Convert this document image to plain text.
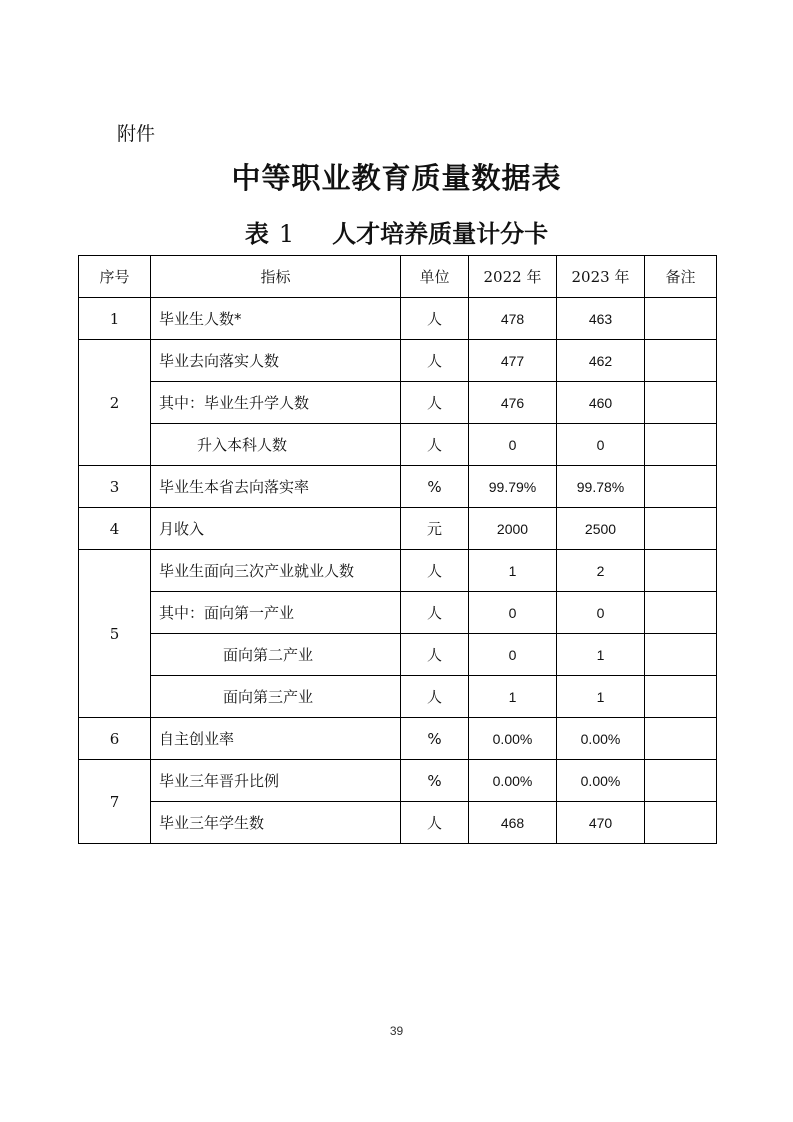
附件
中等职业教育质量数据表
表 1 人才培养质量计分卡
序号	指标	单位	2022 年	2023 年	备注
1	毕业生人数*	人	478	463	
2	毕业去向落实人数	人	477	462	
	其中：毕业生升学人数	人	476	460	
	升入本科人数	人	0	0	
3	毕业生本省去向落实率	%	99.79%	99.78%	
4	月收入	元	2000	2500	
5	毕业生面向三次产业就业人数	人	1	2	
	其中：面向第一产业	人	0	0	
	面向第二产业	人	0	1	
	面向第三产业	人	1	1	
6	自主创业率	%	0.00%	0.00%	
7	毕业三年晋升比例	%	0.00%	0.00%	
	毕业三年学生数	人	468	470	
39
